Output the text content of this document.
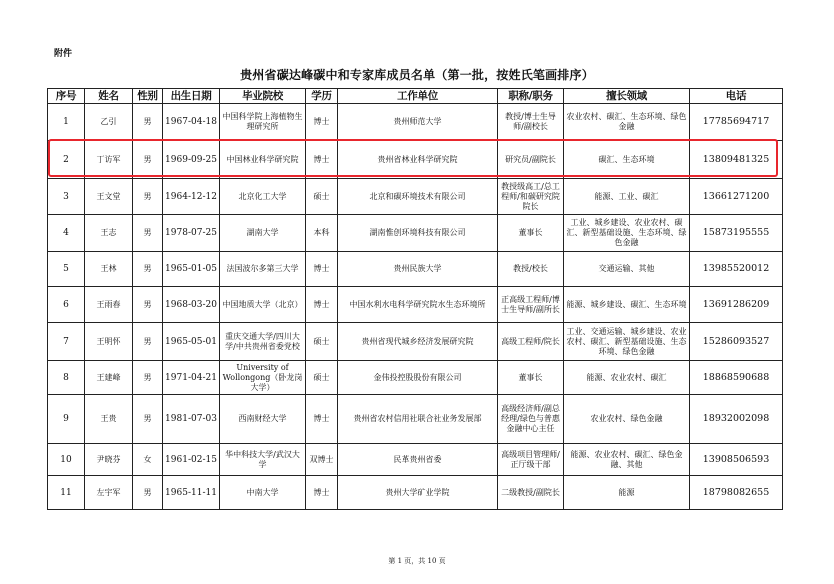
附件
贵州省碳达峰碳中和专家库成员名单（第一批，按姓氏笔画排序）
序号	姓名	性别	出生日期	毕业院校	学历	工作单位	职称/职务	擅长领域	电话
1	乙引	男	1967-04-18	中国科学院上海植物生理研究所	博士	贵州师范大学	教授/博士生导师/副校长	农业农村、碳汇、生态环境、绿色金融	17785694717
2	丁访军	男	1969-09-25	中国林业科学研究院	博士	贵州省林业科学研究院	研究员/副院长	碳汇、生态环境	13809481325
3	王文堂	男	1964-12-12	北京化工大学	硕士	北京和碳环境技术有限公司	教授级高工/总工程师/和碳研究院院长	能源、工业、碳汇	13661271200
4	王志	男	1978-07-25	湖南大学	本科	湖南惟创环境科技有限公司	董事长	工业、城乡建设、农业农村、碳汇、新型基础设施、生态环境、绿色金融	15873195555
5	王林	男	1965-01-05	法国波尔多第三大学	博士	贵州民族大学	教授/校长	交通运输、其他	13985520012
6	王雨春	男	1968-03-20	中国地质大学（北京）	博士	中国水利水电科学研究院水生态环境所	正高级工程师/博士生导师/副所长	能源、城乡建设、碳汇、生态环境	13691286209
7	王明怀	男	1965-05-01	重庆交通大学/四川大学/中共贵州省委党校	硕士	贵州省现代城乡经济发展研究院	高级工程师/院长	工业、交通运输、城乡建设、农业农村、碳汇、新型基础设施、生态环境、绿色金融	15286093527
8	王建峰	男	1971-04-21	University of Wollongong（卧龙岗大学）	硕士	金伟投控股股份有限公司	董事长	能源、农业农村、碳汇	18868590688
9	王贵	男	1981-07-03	西南财经大学	博士	贵州省农村信用社联合社业务发展部	高级经济师/副总经理/绿色与普惠金融中心主任	农业农村、绿色金融	18932002098
10	尹晓芬	女	1961-02-15	华中科技大学/武汉大学	双博士	民革贵州省委	高级项目管理师/正厅级干部	能源、农业农村、碳汇、绿色金融、其他	13908506593
11	左宇军	男	1965-11-11	中南大学	博士	贵州大学矿业学院	二级教授/副院长	能源	18798082655
第 1 页，共 10 页
